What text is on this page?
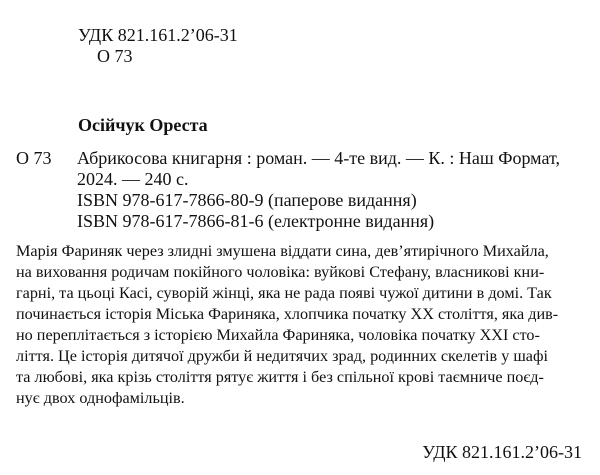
УДК 821.161.2’06-31
О 73
Осійчук Ореста
О 73 Абрикосова книгарня : роман. — 4-те вид. — К. : Наш Формат,
2024. — 240 с.
ISBN 978-617-7866-80-9 (паперове видання)
ISBN 978-617-7866-81-6 (електронне видання)
Марія Фариняк через злидні змушена віддати сина, дев’ятирічного Михайла,
на виховання родичам покійного чоловіка: вуйкові Стефану, власникові кни-
гарні, та цьоці Касі, суворій жінці, яка не рада появі чужої дитини в домі. Так
починається історія Міська Фариняка, хлопчика початку ХХ століття, яка див-
но переплітається з історією Михайла Фариняка, чоловіка початку ХХІ сто-
ліття. Це історія дитячої дружби й недитячих зрад, родинних скелетів у шафі
та любові, яка крізь століття рятує життя і без спільної крові таємниче поєд-
нує двох однофамільців.
УДК 821.161.2’06-31
